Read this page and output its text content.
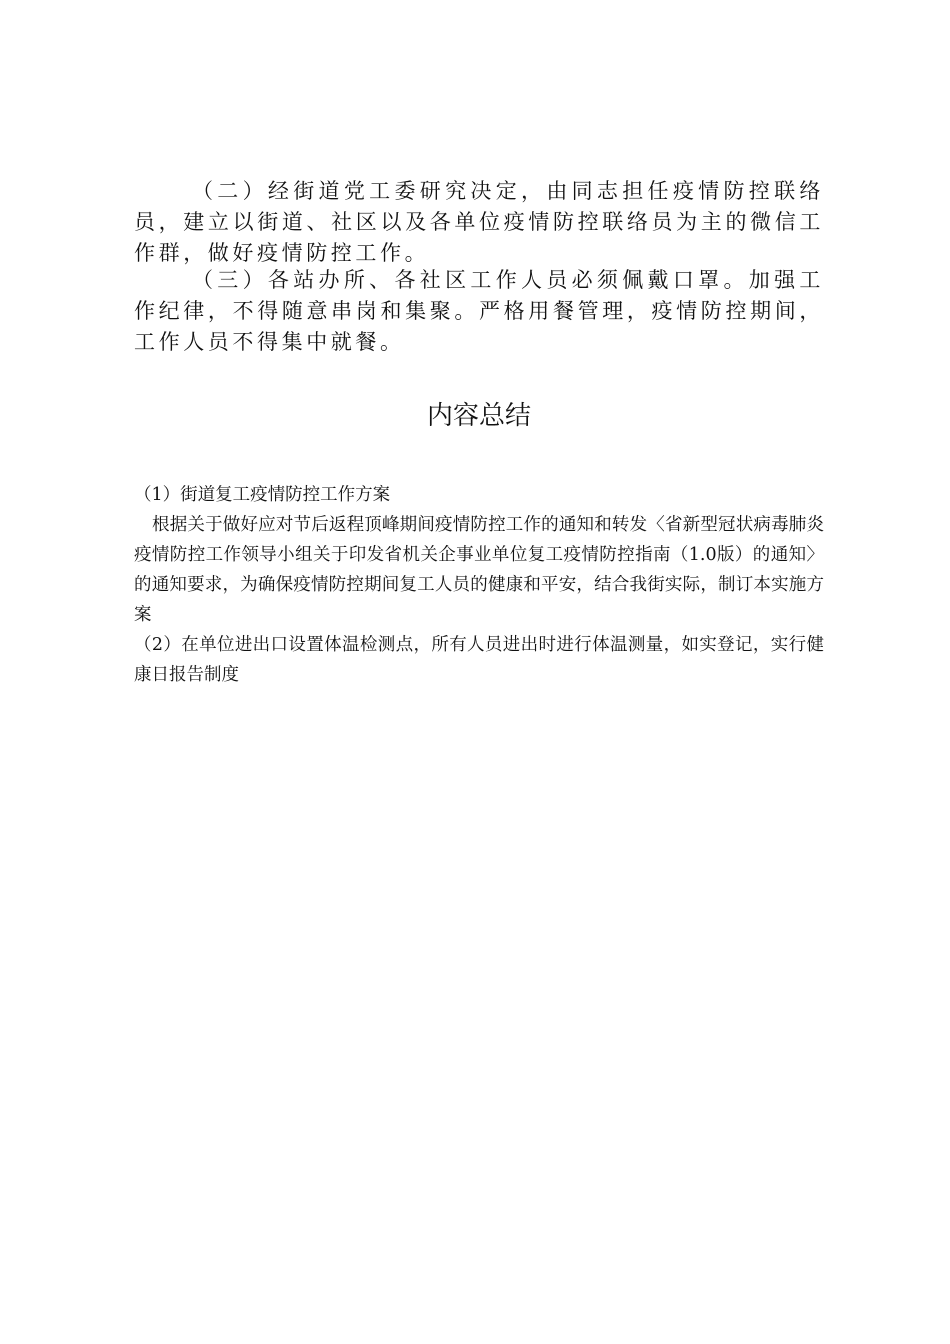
（二）经街道党工委研究决定，由同志担任疫情防控联络员，建立以街道、社区以及各单位疫情防控联络员为主的微信工作群，做好疫情防控工作。

（三）各站办所、各社区工作人员必须佩戴口罩。加强工作纪律，不得随意串岗和集聚。严格用餐管理，疫情防控期间，工作人员不得集中就餐。

内容总结

（1）街道复工疫情防控工作方案

根据关于做好应对节后返程顶峰期间疫情防控工作的通知和转发〈省新型冠状病毒肺炎疫情防控工作领导小组关于印发省机关企事业单位复工疫情防控指南（1.0版）的通知〉的通知要求，为确保疫情防控期间复工人员的健康和平安，结合我街实际，制订本实施方案

（2）在单位进出口设置体温检测点，所有人员进出时进行体温测量，如实登记，实行健康日报告制度
